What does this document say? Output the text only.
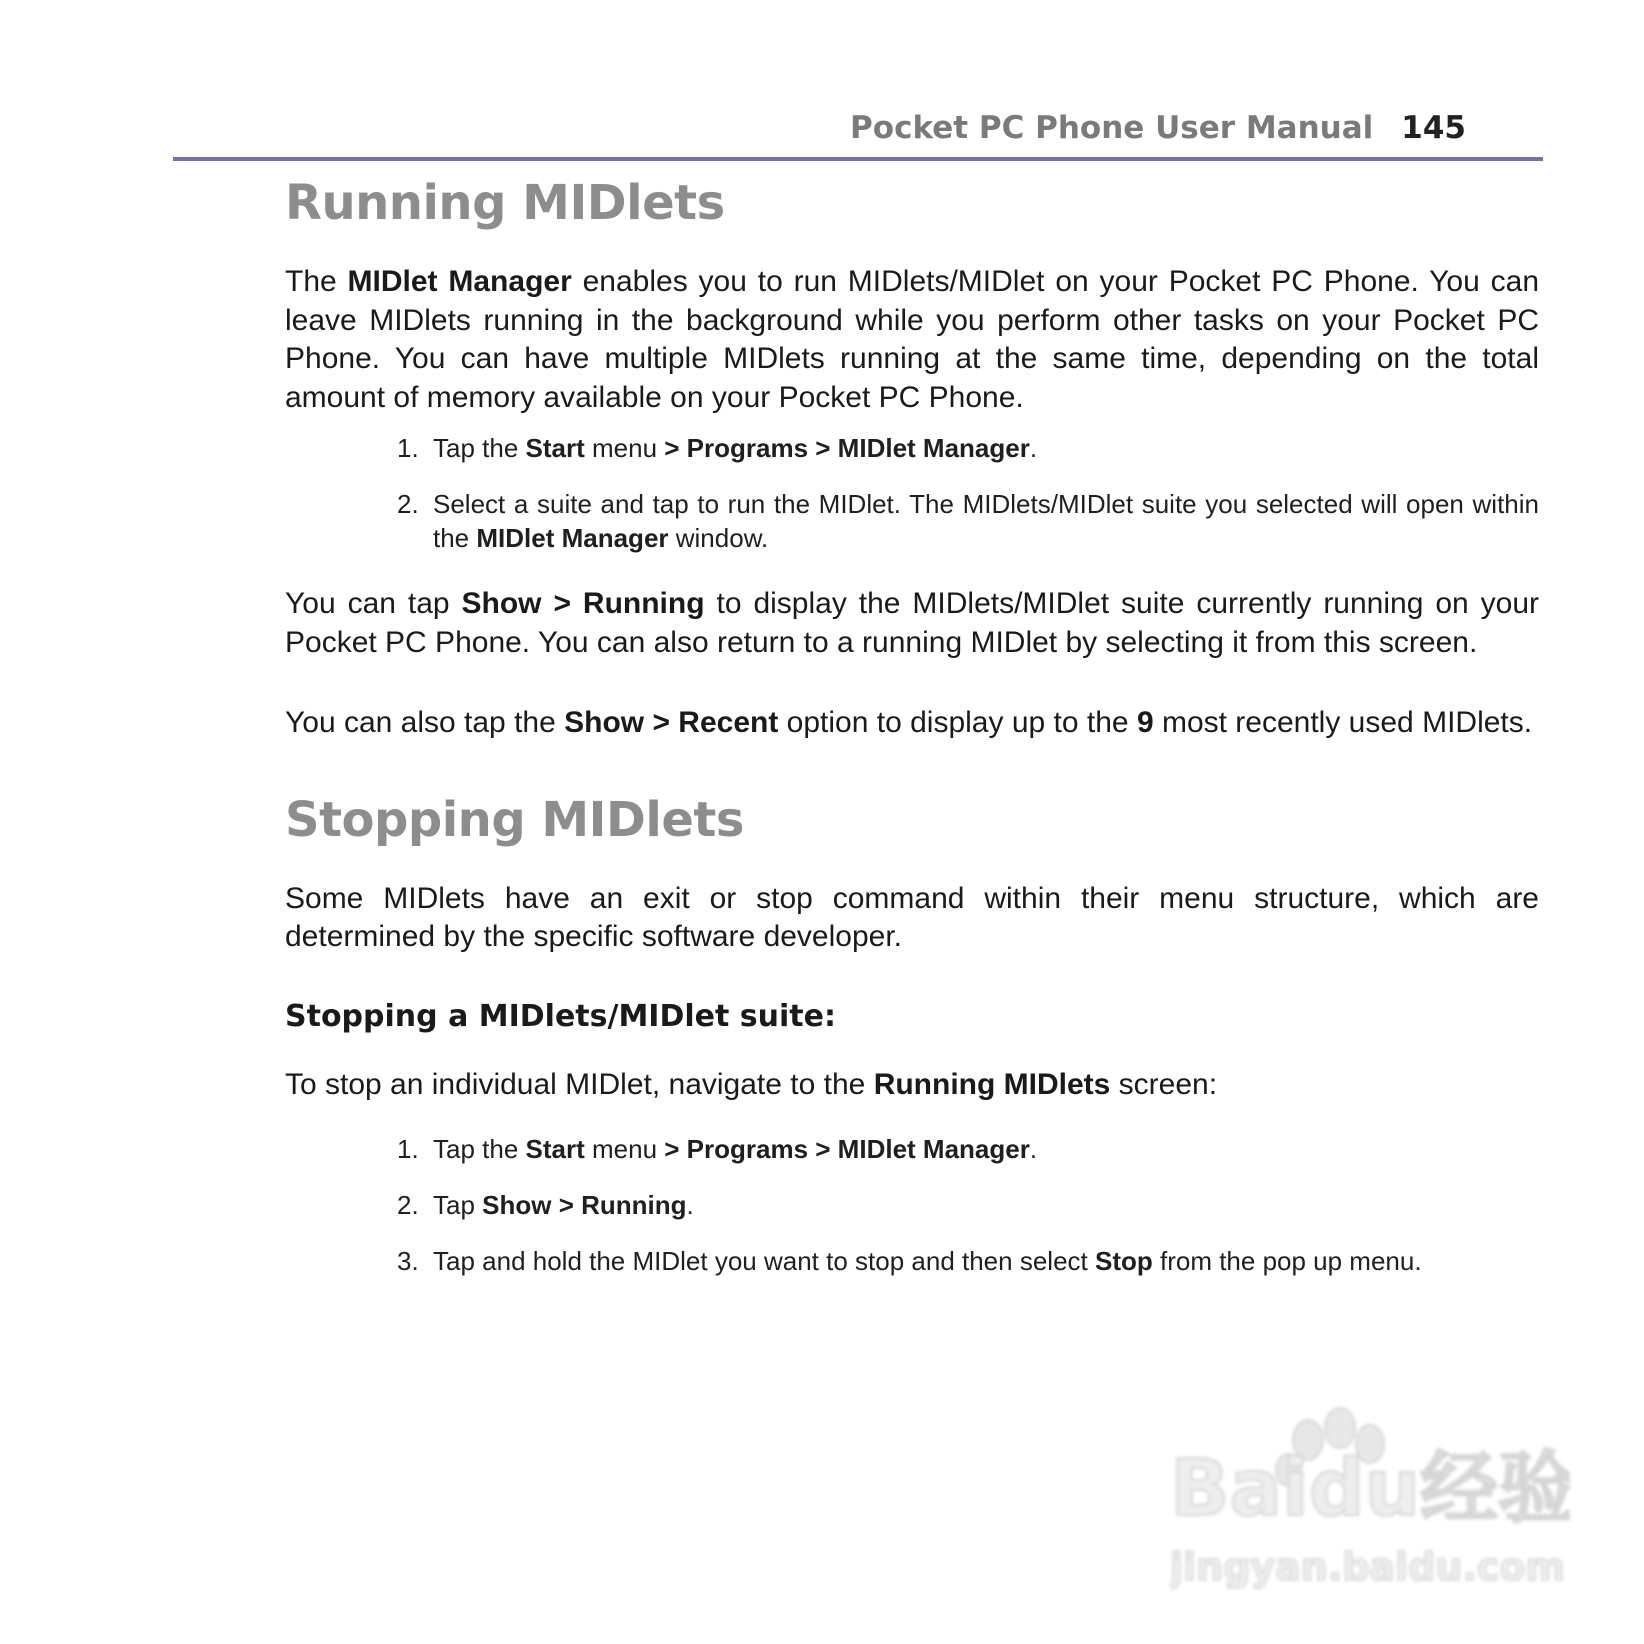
Pocket PC Phone User Manual 145
Running MIDlets

The MIDlet Manager enables you to run MIDlets/MIDlet on your Pocket PC Phone. You can leave MIDlets running in the background while you perform other tasks on your Pocket PC Phone. You can have multiple MIDlets running at the same time, depending on the total amount of memory available on your Pocket PC Phone.

1. Tap the Start menu > Programs > MIDlet Manager.
2. Select a suite and tap to run the MIDlet. The MIDlets/MIDlet suite you selected will open within the MIDlet Manager window.

You can tap Show > Running to display the MIDlets/MIDlet suite currently running on your Pocket PC Phone. You can also return to a running MIDlet by selecting it from this screen.

You can also tap the Show > Recent option to display up to the 9 most recently used MIDlets.

Stopping MIDlets

Some MIDlets have an exit or stop command within their menu structure, which are determined by the specific software developer.

Stopping a MIDlets/MIDlet suite:

To stop an individual MIDlet, navigate to the Running MIDlets screen:

1. Tap the Start menu > Programs > MIDlet Manager.
2. Tap Show > Running.
3. Tap and hold the MIDlet you want to stop and then select Stop from the pop up menu.
Baidu经验
jingyan.baidu.com
